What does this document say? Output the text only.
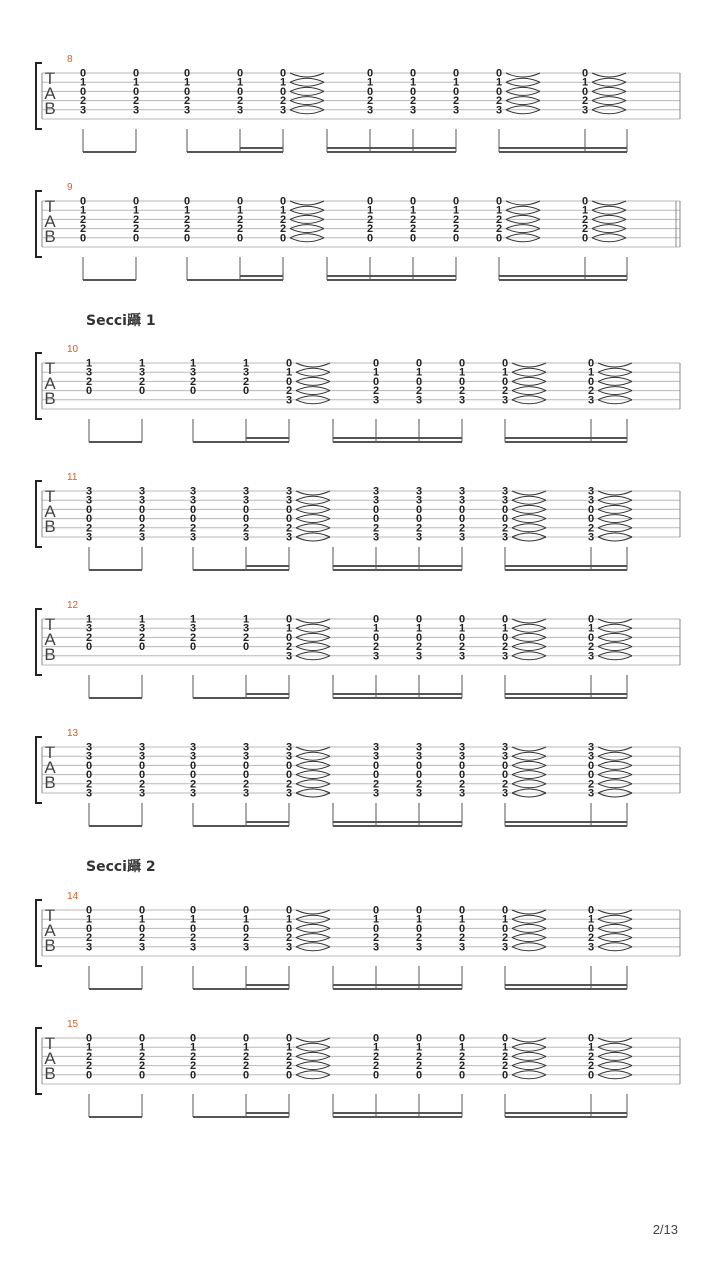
T
A
B
8
0
1
0
2
3
0
1
0
2
3
0
1
0
2
3
0
1
0
2
3
0
1
0
2
3
0
1
0
2
3
0
1
0
2
3
0
1
0
2
3
0
1
0
2
3
0
1
0
2
3
T
A
B
9
0
1
2
2
0
0
1
2
2
0
0
1
2
2
0
0
1
2
2
0
0
1
2
2
0
0
1
2
2
0
0
1
2
2
0
0
1
2
2
0
0
1
2
2
0
0
1
2
2
0
T
A
B
10
1
3
2
0
1
3
2
0
1
3
2
0
1
3
2
0
0
1
0
2
3
0
1
0
2
3
0
1
0
2
3
0
1
0
2
3
0
1
0
2
3
0
1
0
2
3
T
A
B
11
3
3
0
0
2
3
3
3
0
0
2
3
3
3
0
0
2
3
3
3
0
0
2
3
3
3
0
0
2
3
3
3
0
0
2
3
3
3
0
0
2
3
3
3
0
0
2
3
3
3
0
0
2
3
3
3
0
0
2
3
T
A
B
12
1
3
2
0
1
3
2
0
1
3
2
0
1
3
2
0
0
1
0
2
3
0
1
0
2
3
0
1
0
2
3
0
1
0
2
3
0
1
0
2
3
0
1
0
2
3
T
A
B
13
3
3
0
0
2
3
3
3
0
0
2
3
3
3
0
0
2
3
3
3
0
0
2
3
3
3
0
0
2
3
3
3
0
0
2
3
3
3
0
0
2
3
3
3
0
0
2
3
3
3
0
0
2
3
3
3
0
0
2
3
T
A
B
14
0
1
0
2
3
0
1
0
2
3
0
1
0
2
3
0
1
0
2
3
0
1
0
2
3
0
1
0
2
3
0
1
0
2
3
0
1
0
2
3
0
1
0
2
3
0
1
0
2
3
T
A
B
15
0
1
2
2
0
0
1
2
2
0
0
1
2
2
0
0
1
2
2
0
0
1
2
2
0
0
1
2
2
0
0
1
2
2
0
0
1
2
2
0
0
1
2
2
0
0
1
2
2
0
Secci躡 1
Secci躡 2
2/13
